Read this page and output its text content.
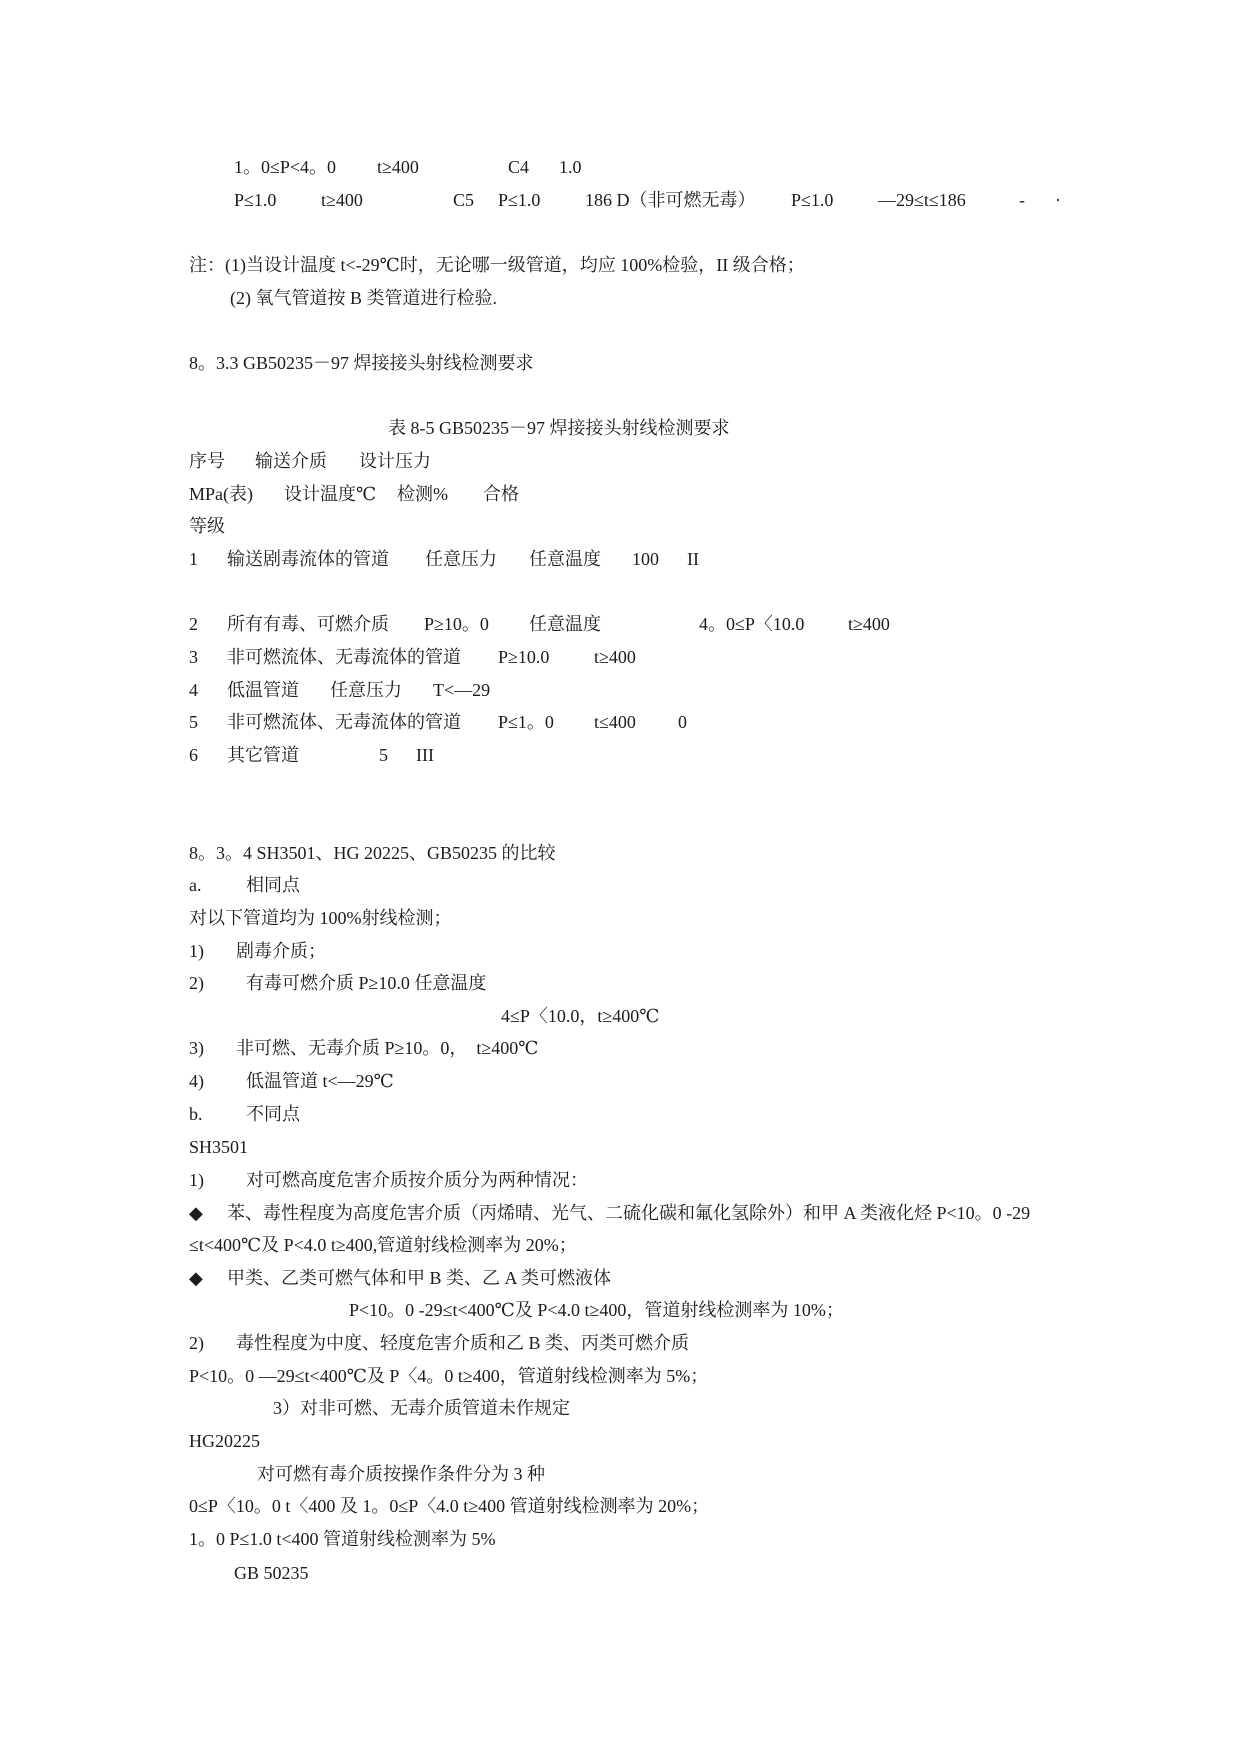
1。0≤P<4。0 t≥400	C4 1.0
P≤1.0 t≥400	C5 P≤1.0 186 D（非可燃无毒） P≤1.0 —29≤t≤186	- ·
注：(1)当设计温度 t<-29℃时，无论哪一级管道，均应 100%检验，II 级合格；
(2) 氧气管道按 B 类管道进行检验.
8。3.3 GB50235－97 焊接接头射线检测要求
表 8-5 GB50235－97 焊接接头射线检测要求
序号 输送介质 设计压力
MPa(表) 设计温度℃ 检测% 合格
等级
1 输送剧毒流体的管道 任意压力 任意温度 100 II
2 所有有毒、可燃介质 P≥10。0 任意温度	4。0≤P〈10.0 t≥400
3 非可燃流体、无毒流体的管道 P≥10.0 t≥400
4 低温管道 任意压力 T<—29
5 非可燃流体、无毒流体的管道 P≤1。0 t≤400 0
6 其它管道	5 III
8。3。4 SH3501、HG 20225、GB50235 的比较
a. 相同点
对以下管道均为 100%射线检测；
1) 剧毒介质；
2) 有毒可燃介质 P≥10.0 任意温度
4≤P〈10.0，t≥400℃
3) 非可燃、无毒介质 P≥10。0，　t≥400℃
4) 低温管道 t<—29℃
b. 不同点
SH3501
1) 对可燃高度危害介质按介质分为两种情况：
◆ 苯、毒性程度为高度危害介质（丙烯晴、光气、二硫化碳和氟化氢除外）和甲 A 类液化烃 P<10。0 -29
≤t<400℃及 P<4.0 t≥400,管道射线检测率为 20%；
◆ 甲类、乙类可燃气体和甲 B 类、乙 A 类可燃液体
P<10。0 -29≤t<400℃及 P<4.0 t≥400，管道射线检测率为 10%；
2) 毒性程度为中度、轻度危害介质和乙 B 类、丙类可燃介质
P<10。0 —29≤t<400℃及 P〈4。0 t≥400，管道射线检测率为 5%；
3）对非可燃、无毒介质管道未作规定
HG20225
对可燃有毒介质按操作条件分为 3 种
0≤P〈10。0 t〈400 及 1。0≤P〈4.0 t≥400 管道射线检测率为 20%；
1。0 P≤1.0 t<400 管道射线检测率为 5%
GB 50235
